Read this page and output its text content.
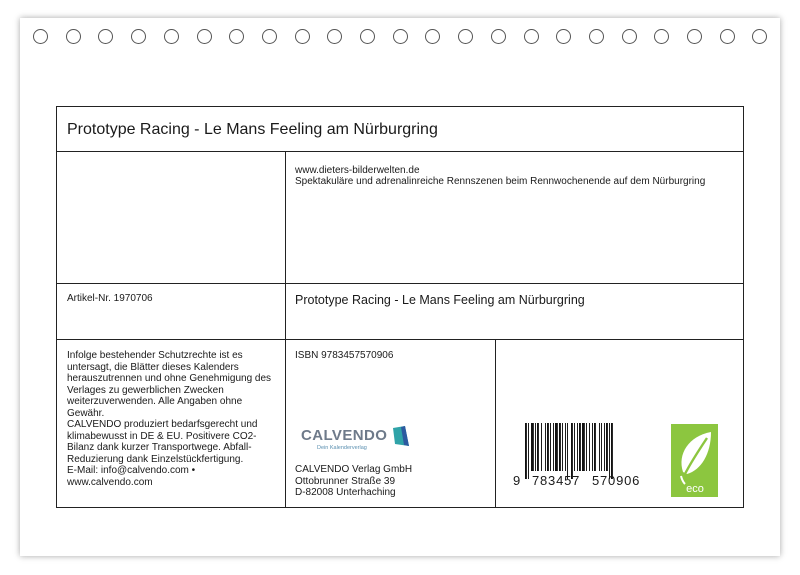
Prototype Racing - Le Mans Feeling am Nürburgring
www.dieters-bilderwelten.de
Spektakuläre und adrenalinreiche Rennszenen beim Rennwochenende auf dem Nürburgring
Artikel-Nr. 1970706	Prototype Racing - Le Mans Feeling am Nürburgring
Infolge bestehender Schutzrechte ist es
untersagt, die Blätter dieses Kalenders
herauszutrennen und ohne Genehmigung des
Verlages zu gewerblichen Zwecken
weiterzuverwenden. Alle Angaben ohne
Gewähr.
CALVENDO produziert bedarfsgerecht und
klimabewusst in DE & EU. Positivere CO2-
Bilanz dank kurzer Transportwege. Abfall-
Reduzierung dank Einzelstückfertigung.
E-Mail: info@calvendo.com •
www.calvendo.com
ISBN 9783457570906
CALVENDO
Dein Kalenderverlag
CALVENDO Verlag GmbH
Ottobrunner Straße 39
D-82008 Unterhaching
9 783457 570906
eco
